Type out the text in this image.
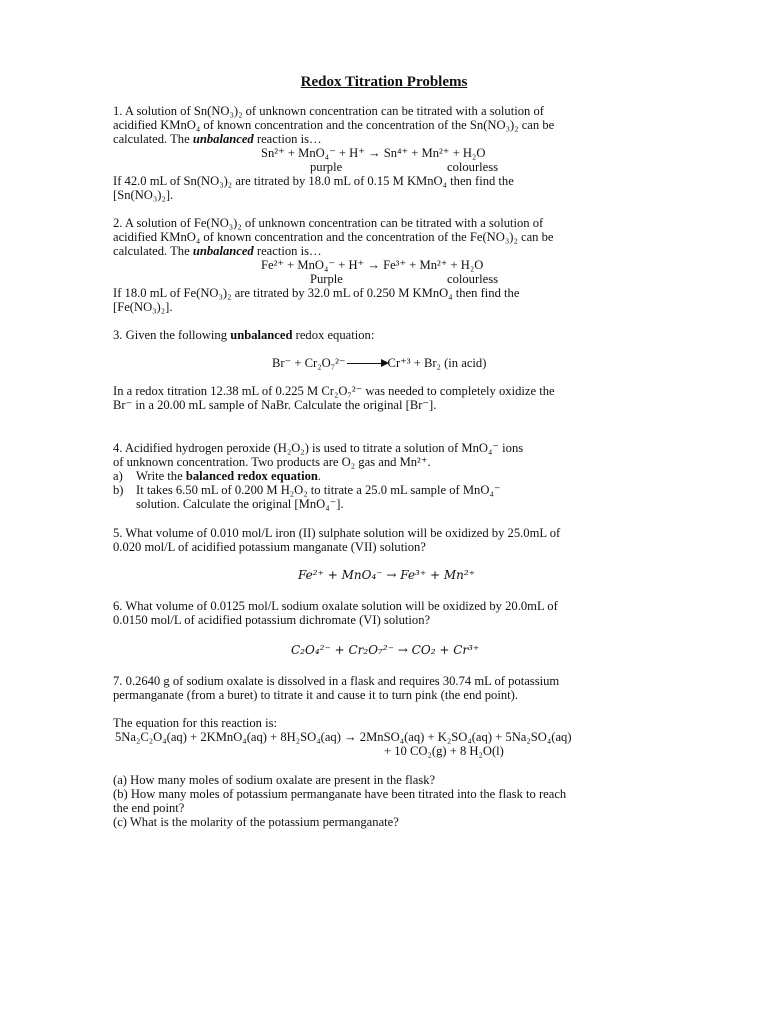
Redox Titration Problems
1. A solution of Sn(NO₃)₂ of unknown concentration can be titrated with a solution of
acidified KMnO₄ of known concentration and the concentration of the Sn(NO₃)₂ can be
calculated. The unbalanced reaction is…
Sn²⁺ + MnO₄⁻ + H⁺ → Sn⁴⁺ + Mn²⁺ + H₂O
purple	colourless
If 42.0 mL of Sn(NO₃)₂ are titrated by 18.0 mL of 0.15 M KMnO₄ then find the
[Sn(NO₃)₂].
2. A solution of Fe(NO₃)₂ of unknown concentration can be titrated with a solution of
acidified KMnO₄ of known concentration and the concentration of the Fe(NO₃)₂ can be
calculated. The unbalanced reaction is…
Fe²⁺ + MnO₄⁻ + H⁺ → Fe³⁺ + Mn²⁺ + H₂O
Purple	colourless
If 18.0 mL of Fe(NO₃)₂ are titrated by 32.0 mL of 0.250 M KMnO₄ then find the
[Fe(NO₃)₂].
3. Given the following unbalanced redox equation:
Br⁻ + Cr₂O₇²⁻	Cr⁺³ + Br₂ (in acid)
In a redox titration 12.38 mL of 0.225 M Cr₂O₇²⁻ was needed to completely oxidize the
Br⁻ in a 20.00 mL sample of NaBr. Calculate the original [Br⁻].
4. Acidified hydrogen peroxide (H₂O₂) is used to titrate a solution of MnO₄⁻ ions
of unknown concentration. Two products are O₂ gas and Mn²⁺.
a) Write the balanced redox equation.
b) It takes 6.50 mL of 0.200 M H₂O₂ to titrate a 25.0 mL sample of MnO₄⁻
solution. Calculate the original [MnO₄⁻].
5. What volume of 0.010 mol/L iron (II) sulphate solution will be oxidized by 25.0mL of
0.020 mol/L of acidified potassium manganate (VII) solution?
Fe²⁺ + MnO₄⁻ → Fe³⁺ + Mn²⁺
6. What volume of 0.0125 mol/L sodium oxalate solution will be oxidized by 20.0mL of
0.0150 mol/L of acidified potassium dichromate (VI) solution?
C₂O₄²⁻ + Cr₂O₇²⁻ → CO₂ + Cr³⁺
7. 0.2640 g of sodium oxalate is dissolved in a flask and requires 30.74 mL of potassium
permanganate (from a buret) to titrate it and cause it to turn pink (the end point).
The equation for this reaction is:
5Na₂C₂O₄(aq) + 2KMnO₄(aq) + 8H₂SO₄(aq) → 2MnSO₄(aq) + K₂SO₄(aq) + 5Na₂SO₄(aq)
+ 10 CO₂(g) + 8 H₂O(l)
(a) How many moles of sodium oxalate are present in the flask?
(b) How many moles of potassium permanganate have been titrated into the flask to reach
the end point?
(c) What is the molarity of the potassium permanganate?
